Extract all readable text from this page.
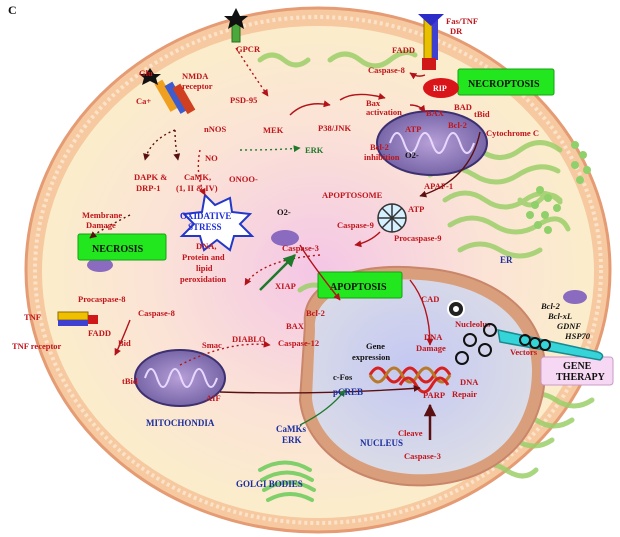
ER
NUCLEUS
Nucleolus
MITOCHONDIA
GOLGI BODIES
OXIDATIVE
STRESS
NECROPTOSIS
NECROSIS
APOPTOSIS
GENE
THERAPY
C
Fas/TNF
DR
FADD
Caspase-8
RIP
GPCR
NMDA
receptor
Glu
Ca+	PSD-95
nNOS	MEK	P38/JNK
ERK
Bax
activation	BAX
BAD
tBid
Bcl-2
ATP
Bcl-2
inhibition
Cytochrome C
O2-
NO
ONOO-
DAPK &
DRP-1
CaMK,
(1, II & IV)
Membrane
Damage
O2-
APOPTOSOME
APAF-1
Caspase-9
ATP
Procaspase-9
DNA,
Protein and
lipid
peroxidation
Caspase-3
XIAP
Procaspase-8
Caspase-8
TNF
FADD
TNF receptor	Bid
tBid
Smac
DIABLO
Bcl-2
BAX
Caspase-12
AIF
CAD
Gene
expression
DNA
Damage
c-Fos
pCREB	PARP
DNA
Repair
Cleave
Caspase-3
CaMKs
ERK
Bcl-2
Bcl-xL
GDNF
HSP70
Vectors
